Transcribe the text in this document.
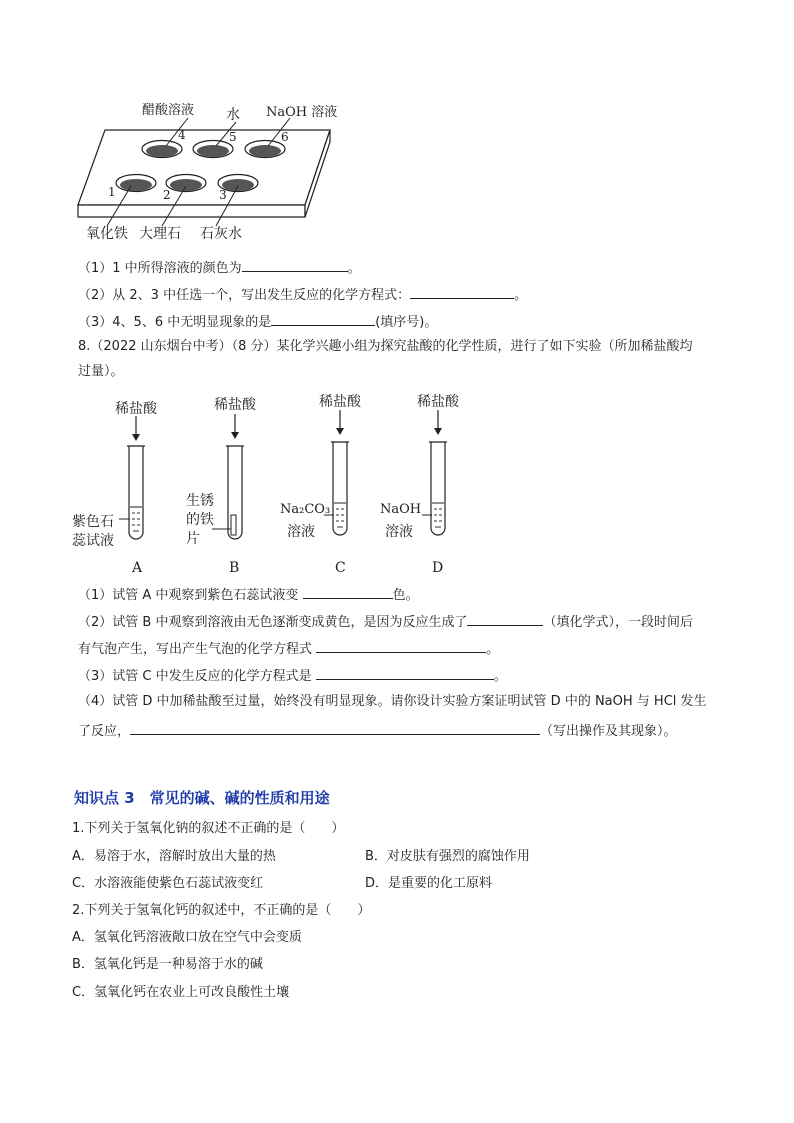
醋酸溶液 水 NaOH 溶液
4	5	6
1	2	3
氧化铁 大理石 石灰水
（1）1 中所得溶液的颜色为	。
（2）从 2、3 中任选一个，写出发生反应的化学方程式：	。
（3）4、5、6 中无明显现象的是	(填序号)。
8.（2022 山东烟台中考）（8 分）某化学兴趣小组为探究盐酸的化学性质，进行了如下实验（所加稀盐酸均
过量）。
稀盐酸	稀盐酸	稀盐酸	稀盐酸
紫色石
蕊试液
生锈
的铁
片
Na₂CO₃
溶液
NaOH
溶液
A	B	C	D
（1）试管 A 中观察到紫色石蕊试液变	色。
（2）试管 B 中观察到溶液由无色逐渐变成黄色，是因为反应生成了	（填化学式），一段时间后
有气泡产生，写出产生气泡的化学方程式	。
（3）试管 C 中发生反应的化学方程式是	。
（4）试管 D 中加稀盐酸至过量，始终没有明显现象。请你设计实验方案证明试管 D 中的 NaOH 与 HCl 发生
了反应，	（写出操作及其现象）。
知识点 3　常见的碱、碱的性质和用途
1.下列关于氢氧化钠的叙述不正确的是（　　）
A．易溶于水，溶解时放出大量的热	B．对皮肤有强烈的腐蚀作用
C．水溶液能使紫色石蕊试液变红	D．是重要的化工原料
2.下列关于氢氧化钙的叙述中，不正确的是（　　）
A．氢氧化钙溶液敞口放在空气中会变质
B．氢氧化钙是一种易溶于水的碱
C．氢氧化钙在农业上可改良酸性土壤
